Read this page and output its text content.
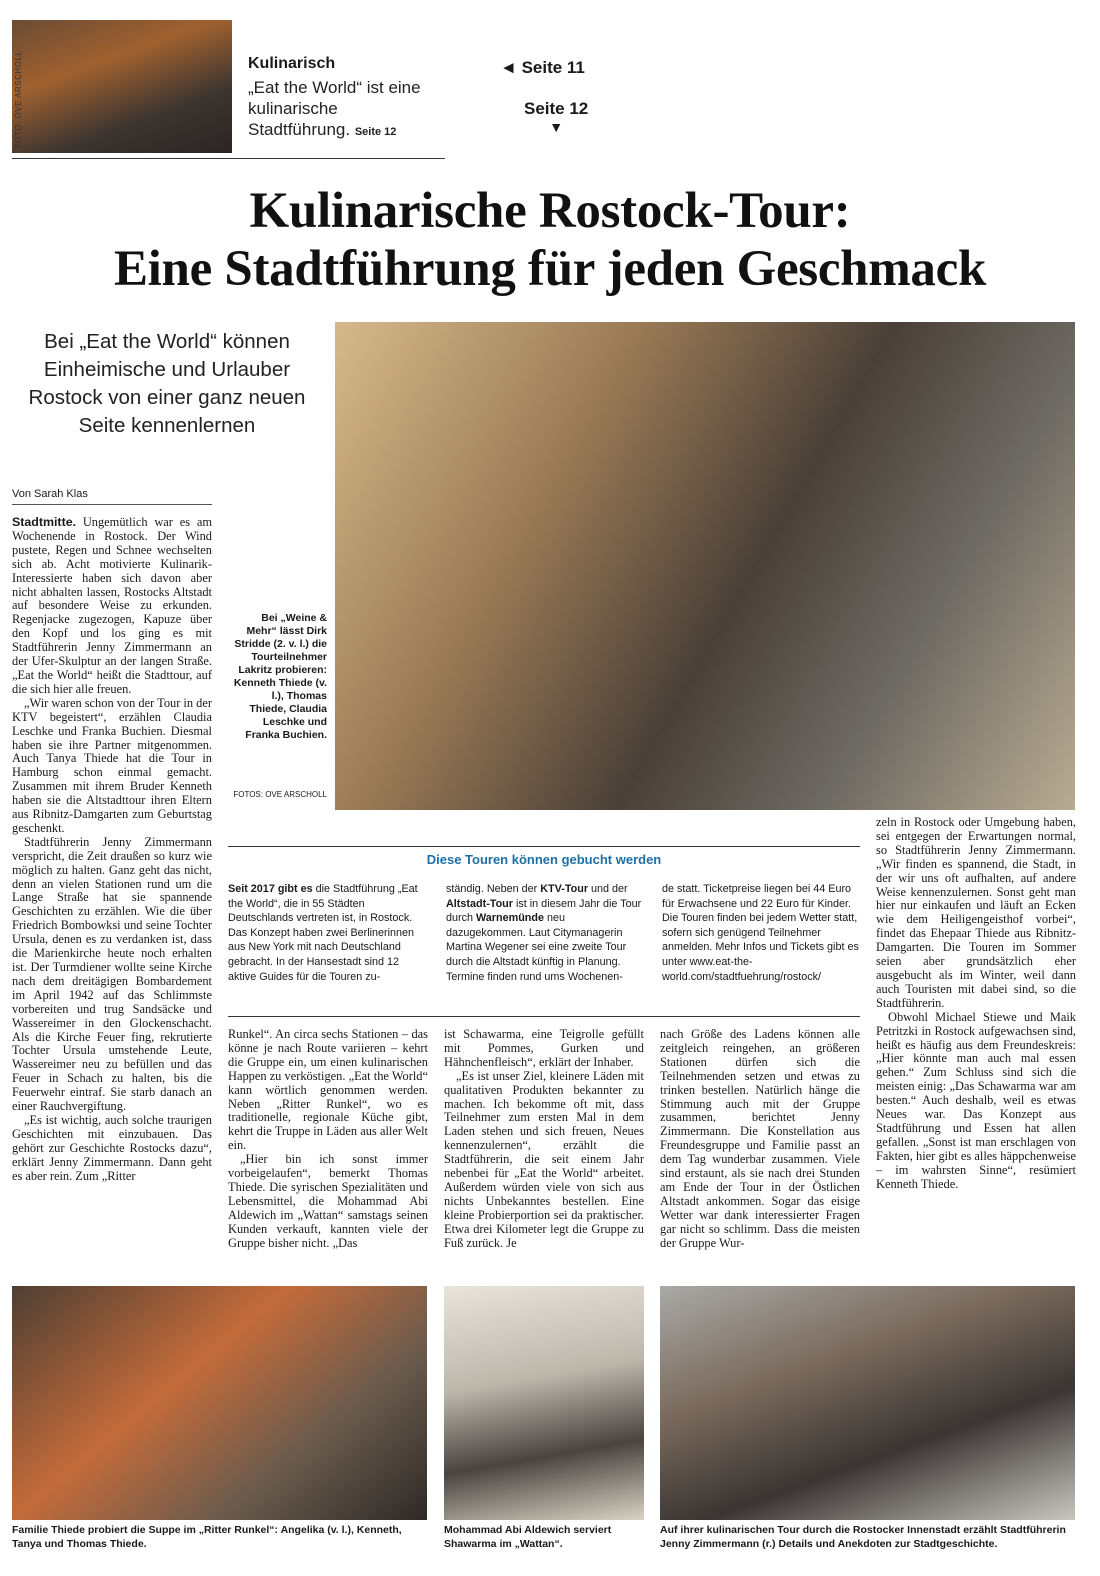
FOTO: OVE ARSCHOLL	Kulinarisch
„Eat the World“ ist eine kulinarische Stadtführung. Seite 12
◄ Seite 11
Seite 12
▼
Kulinarische Rostock-Tour:
Eine Stadtführung für jeden Geschmack
Bei „Eat the World“ können Einheimische und Urlauber Rostock von einer ganz neuen Seite kennenlernen
Von Sarah Klas
Bei „Weine & Mehr“ lässt Dirk Stridde (2. v. l.) die Tourteilnehmer Lakritz probieren: Kenneth Thiede (v. l.), Thomas Thiede, Claudia Leschke und Franka Buchien.
FOTOS: OVE ARSCHOLL

Stadtmitte. Ungemütlich war es am Wochenende in Rostock. Der Wind pustete, Regen und Schnee wechselten sich ab. Acht motivierte Kulinarik-Interessierte haben sich davon aber nicht abhalten lassen, Rostocks Altstadt auf besondere Weise zu erkunden. Regenjacke zugezogen, Kapuze über den Kopf und los ging es mit Stadtführerin Jenny Zimmermann an der Ufer-Skulptur an der langen Straße. „Eat the World“ heißt die Stadttour, auf die sich hier alle freuen.

„Wir waren schon von der Tour in der KTV begeistert“, erzählen Claudia Leschke und Franka Buchien. Diesmal haben sie ihre Partner mitgenommen. Auch Tanya Thiede hat die Tour in Hamburg schon einmal gemacht. Zusammen mit ihrem Bruder Kenneth haben sie die Altstadttour ihren Eltern aus Ribnitz-Damgarten zum Geburtstag geschenkt.

Stadtführerin Jenny Zimmermann verspricht, die Zeit draußen so kurz wie möglich zu halten. Ganz geht das nicht, denn an vielen Stationen rund um die Lange Straße hat sie spannende Geschichten zu erzählen. Wie die über Friedrich Bombowksi und seine Tochter Ursula, denen es zu verdanken ist, dass die Marienkirche heute noch erhalten ist. Der Turmdiener wollte seine Kirche nach dem dreitägigen Bombardement im April 1942 auf das Schlimmste vorbereiten und trug Sandsäcke und Wassereimer in den Glockenschacht. Als die Kirche Feuer fing, rekrutierte Tochter Ursula umstehende Leute, Wassereimer neu zu befüllen und das Feuer in Schach zu halten, bis die Feuerwehr eintraf. Sie starb danach an einer Rauchvergiftung.

„Es ist wichtig, auch solche traurigen Geschichten mit einzubauen. Das gehört zur Geschichte Rostocks dazu“, erklärt Jenny Zimmermann. Dann geht es aber rein. Zum „Ritter

Diese Touren können gebucht werden
Seit 2017 gibt es die Stadtführung „Eat the World“, die in 55 Städten Deutschlands vertreten ist, in Rostock. Das Konzept haben zwei Berlinerinnen aus New York mit nach Deutschland gebracht. In der Hansestadt sind 12 aktive Guides für die Touren zu-
ständig. Neben der KTV-Tour und der Altstadt-Tour ist in diesem Jahr die Tour durch Warnemünde neu dazugekommen. Laut Citymanagerin Martina Wegener sei eine zweite Tour durch die Altstadt künftig in Planung. Termine finden rund ums Wochenen-
de statt. Ticketpreise liegen bei 44 Euro für Erwachsene und 22 Euro für Kinder. Die Touren finden bei jedem Wetter statt, sofern sich genügend Teilnehmer anmelden. Mehr Infos und Tickets gibt es unter www.eat-the-world.com/stadtfuehrung/rostock/

Runkel“. An circa sechs Stationen – das könne je nach Route variieren – kehrt die Gruppe ein, um einen kulinarischen Happen zu verköstigen. „Eat the World“ kann wörtlich genommen werden. Neben „Ritter Runkel“, wo es traditionelle, regionale Küche gibt, kehrt die Truppe in Läden aus aller Welt ein.

„Hier bin ich sonst immer vorbeigelaufen“, bemerkt Thomas Thiede. Die syrischen Spezialitäten und Lebensmittel, die Mohammad Abi Aldewich im „Wattan“ samstags seinen Kunden verkauft, kannten viele der Gruppe bisher nicht. „Das

ist Schawarma, eine Teigrolle gefüllt mit Pommes, Gurken und Hähnchenfleisch“, erklärt der Inhaber.

„Es ist unser Ziel, kleinere Läden mit qualitativen Produkten bekannter zu machen. Ich bekomme oft mit, dass Teilnehmer zum ersten Mal in dem Laden stehen und sich freuen, Neues kennenzulernen“, erzählt die Stadtführerin, die seit einem Jahr nebenbei für „Eat the World“ arbeitet. Außerdem würden viele von sich aus nichts Unbekanntes bestellen. Eine kleine Probierportion sei da praktischer. Etwa drei Kilometer legt die Gruppe zu Fuß zurück. Je

nach Größe des Ladens können alle zeitgleich reingehen, an größeren Stationen dürfen sich die Teilnehmenden setzen und etwas zu trinken bestellen. Natürlich hänge die Stimmung auch mit der Gruppe zusammen, berichtet Jenny Zimmermann. Die Konstellation aus Freundesgruppe und Familie passt an dem Tag wunderbar zusammen. Viele sind erstaunt, als sie nach drei Stunden am Ende der Tour in der Östlichen Altstadt ankommen. Sogar das eisige Wetter war dank interessierter Fragen gar nicht so schlimm. Dass die meisten der Gruppe Wur-

zeln in Rostock oder Umgebung haben, sei entgegen der Erwartungen normal, so Stadtführerin Jenny Zimmermann. „Wir finden es spannend, die Stadt, in der wir uns oft aufhalten, auf andere Weise kennenzulernen. Sonst geht man hier nur einkaufen und läuft an Ecken wie dem Heiligengeisthof vorbei“, findet das Ehepaar Thiede aus Ribnitz-Damgarten. Die Touren im Sommer seien aber grundsätzlich eher ausgebucht als im Winter, weil dann auch Touristen mit dabei sind, so die Stadtführerin.

Obwohl Michael Stiewe und Maik Petritzki in Rostock aufgewachsen sind, heißt es häufig aus dem Freundeskreis: „Hier könnte man auch mal essen gehen.“ Zum Schluss sind sich die meisten einig: „Das Schawarma war am besten.“ Auch deshalb, weil es etwas Neues war. Das Konzept aus Stadtführung und Essen hat allen gefallen. „Sonst ist man erschlagen von Fakten, hier gibt es alles häppchenweise – im wahrsten Sinne“, resümiert Kenneth Thiede.

Familie Thiede probiert die Suppe im „Ritter Runkel“: Angelika (v. l.), Kenneth, Tanya und Thomas Thiede.
Mohammad Abi Aldewich serviert Shawarma im „Wattan“.
Auf ihrer kulinarischen Tour durch die Rostocker Innenstadt erzählt Stadtführerin Jenny Zimmermann (r.) Details und Anekdoten zur Stadtgeschichte.
